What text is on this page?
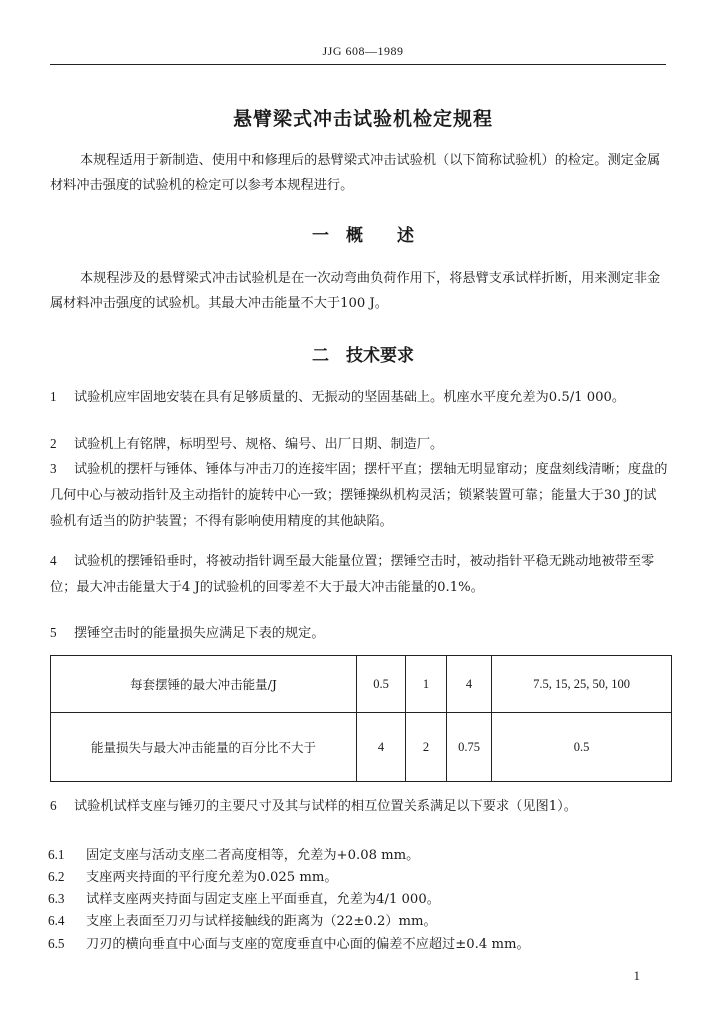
JJG 608—1989
悬臂梁式冲击试验机检定规程

本规程适用于新制造、使用中和修理后的悬臂梁式冲击试验机（以下简称试验机）的检定。测定金属材料冲击强度的试验机的检定可以参考本规程进行。

一　概　　述

本规程涉及的悬臂梁式冲击试验机是在一次动弯曲负荷作用下，将悬臂支承试样折断，用来测定非金属材料冲击强度的试验机。其最大冲击能量不大于100 J。

二　技术要求

1 试验机应牢固地安装在具有足够质量的、无振动的坚固基础上。机座水平度允差为0.5/1 000。

2 试验机上有铭牌，标明型号、规格、编号、出厂日期、制造厂。

3 试验机的摆杆与锤体、锤体与冲击刀的连接牢固；摆杆平直；摆轴无明显窜动；度盘刻线清晰；度盘的几何中心与被动指针及主动指针的旋转中心一致；摆锤操纵机构灵活；锁紧装置可靠；能量大于30 J的试验机有适当的防护装置；不得有影响使用精度的其他缺陷。

4 试验机的摆锤铅垂时，将被动指针调至最大能量位置；摆锤空击时，被动指针平稳无跳动地被带至零位；最大冲击能量大于4 J的试验机的回零差不大于最大冲击能量的0.1%。

5 摆锤空击时的能量损失应满足下表的规定。

每套摆锤的最大冲击能量/J	0.5	1	4	7.5, 15, 25, 50, 100
能量损失与最大冲击能量的百分比不大于	4	2	0.75	0.5

6 试验机试样支座与锤刃的主要尺寸及其与试样的相互位置关系满足以下要求（见图1）。

6.1 固定支座与活动支座二者高度相等，允差为+0.08 mm。

6.2 支座两夹持面的平行度允差为0.025 mm。

6.3 试样支座两夹持面与固定支座上平面垂直，允差为4/1 000。

6.4 支座上表面至刀刃与试样接触线的距离为（22±0.2）mm。

6.5 刀刃的横向垂直中心面与支座的宽度垂直中心面的偏差不应超过±0.4 mm。

1
